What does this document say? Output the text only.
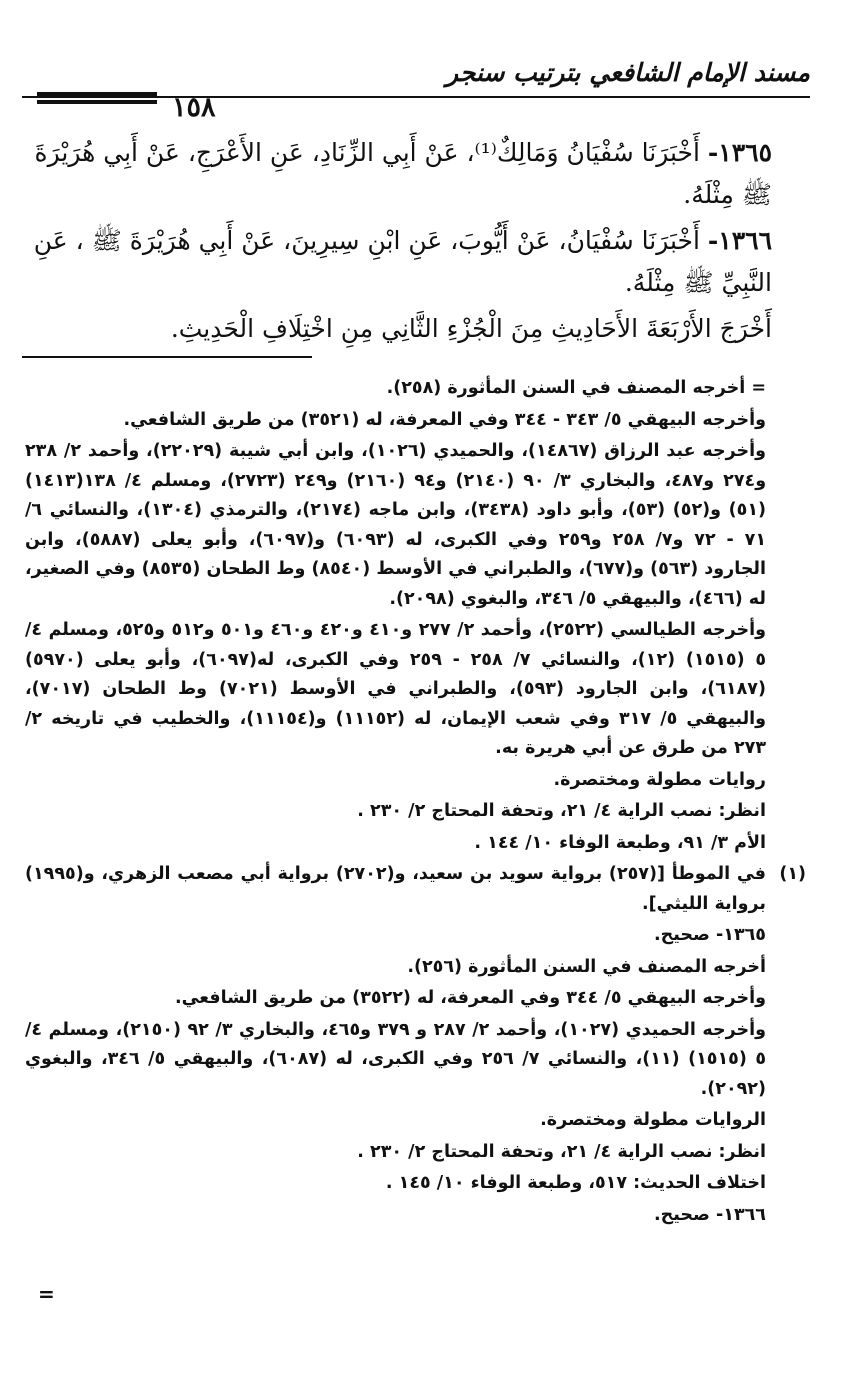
مسند الإمام الشافعي بترتيب سنجر
١٥٨

١٣٦٥- أَخْبَرَنَا سُفْيَانُ وَمَالِكٌ⁽¹⁾، عَنْ أَبِي الزِّنَادِ، عَنِ الأَعْرَجِ، عَنْ أَبِي هُرَيْرَةَ ﷺ مِثْلَهُ.

١٣٦٦- أَخْبَرَنَا سُفْيَانُ، عَنْ أَيُّوبَ، عَنِ ابْنِ سِيرِينَ، عَنْ أَبِي هُرَيْرَةَ ﷺ ، عَنِ النَّبِيِّ ﷺ مِثْلَهُ.

أَخْرَجَ الأَرْبَعَةَ الأَحَادِيثِ مِنَ الْجُزْءِ الثَّانِي مِنِ اخْتِلَافِ الْحَدِيثِ.

= أخرجه المصنف في السنن المأثورة (٢٥٨).

وأخرجه البيهقي ٥/ ٣٤٣ - ٣٤٤ وفي المعرفة، له (٣٥٢١) من طريق الشافعي.

وأخرجه عبد الرزاق (١٤٨٦٧)، والحميدي (١٠٢٦)، وابن أبي شيبة (٢٢٠٢٩)، وأحمد ٢/ ٢٣٨ و٢٧٤ و٤٨٧، والبخاري ٣/ ٩٠ (٢١٤٠) و٩٤ (٢١٦٠) و٢٤٩ (٢٧٢٣)، ومسلم ٤/ ١٣٨(١٤١٣) (٥١) و(٥٢) (٥٣)، وأبو داود (٣٤٣٨)، وابن ماجه (٢١٧٤)، والترمذي (١٣٠٤)، والنسائي ٦/ ٧١ - ٧٢ و٧/ ٢٥٨ و٢٥٩ وفي الكبرى، له (٦٠٩٣) و(٦٠٩٧)، وأبو يعلى (٥٨٨٧)، وابن الجارود (٥٦٣) و(٦٧٧)، والطبراني في الأوسط (٨٥٤٠) وط الطحان (٨٥٣٥) وفي الصغير، له (٤٦٦)، والبيهقي ٥/ ٣٤٦، والبغوي (٢٠٩٨).

وأخرجه الطيالسي (٢٥٢٢)، وأحمد ٢/ ٢٧٧ و٤١٠ و٤٢٠ و٤٦٠ و٥٠١ و٥١٢ و٥٢٥، ومسلم ٤/ ٥ (١٥١٥) (١٢)، والنسائي ٧/ ٢٥٨ - ٢٥٩ وفي الكبرى، له(٦٠٩٧)، وأبو يعلى (٥٩٧٠) (٦١٨٧)، وابن الجارود (٥٩٣)، والطبراني في الأوسط (٧٠٢١) وط الطحان (٧٠١٧)، والبيهقي ٥/ ٣١٧ وفي شعب الإيمان، له (١١١٥٢) و(١١١٥٤)، والخطيب في تاريخه ٢/ ٢٧٣ من طرق عن أبي هريرة به.

روايات مطولة ومختصرة.

انظر: نصب الراية ٤/ ٢١، وتحفة المحتاج ٢/ ٢٣٠ .

الأم ٣/ ٩١، وطبعة الوفاء ١٠/ ١٤٤ .

(١)
في الموطأ [(٢٥٧) برواية سويد بن سعيد، و(٢٧٠٢) برواية أبي مصعب الزهري، و(١٩٩٥) برواية الليثي].

١٣٦٥- صحيح.

أخرجه المصنف في السنن المأثورة (٢٥٦).

وأخرجه البيهقي ٥/ ٣٤٤ وفي المعرفة، له (٣٥٢٢) من طريق الشافعي.

وأخرجه الحميدي (١٠٢٧)، وأحمد ٢/ ٢٨٧ و ٣٧٩ و٤٦٥، والبخاري ٣/ ٩٢ (٢١٥٠)، ومسلم ٤/ ٥ (١٥١٥) (١١)، والنسائي ٧/ ٢٥٦ وفي الكبرى، له (٦٠٨٧)، والبيهقي ٥/ ٣٤٦، والبغوي (٢٠٩٢).

الروايات مطولة ومختصرة.

انظر: نصب الراية ٤/ ٢١، وتحفة المحتاج ٢/ ٢٣٠ .

اختلاف الحديث: ٥١٧، وطبعة الوفاء ١٠/ ١٤٥ .

١٣٦٦- صحيح.

=
